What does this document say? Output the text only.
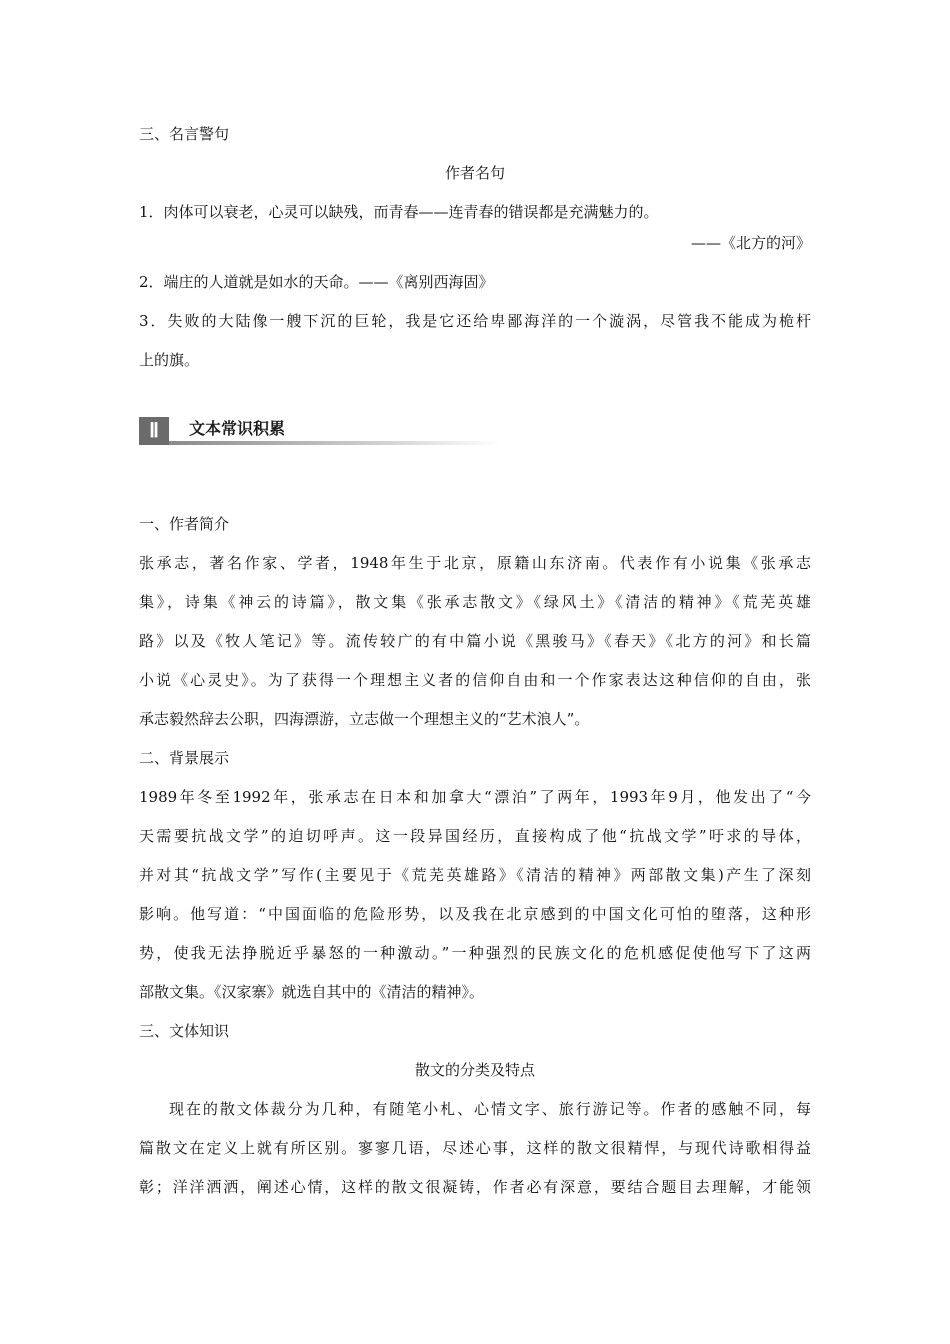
三、名言警句

作者名句

1．肉体可以衰老，心灵可以缺残，而青春——连青春的错误都是充满魅力的。

——《北方的河》

2．端庄的人道就是如水的天命。——《离别西海固》

3．失败的大陆像一艘下沉的巨轮，我是它还给卑鄙海洋的一个漩涡，尽管我不能成为桅杆

上的旗。

Ⅱ	文本常识积累

一、作者简介

张承志，著名作家、学者，1948年生于北京，原籍山东济南。代表作有小说集《张承志

集》，诗集《神云的诗篇》，散文集《张承志散文》《绿风土》《清洁的精神》《荒芜英雄

路》以及《牧人笔记》等。流传较广的有中篇小说《黑骏马》《春天》《北方的河》和长篇

小说《心灵史》。为了获得一个理想主义者的信仰自由和一个作家表达这种信仰的自由，张

承志毅然辞去公职，四海漂游，立志做一个理想主义的“艺术浪人”。

二、背景展示

1989年冬至1992年，张承志在日本和加拿大“漂泊”了两年，1993年9月，他发出了“今

天需要抗战文学”的迫切呼声。这一段异国经历，直接构成了他“抗战文学”吁求的导体，

并对其“抗战文学”写作(主要见于《荒芜英雄路》《清洁的精神》两部散文集)产生了深刻

影响。他写道：“中国面临的危险形势，以及我在北京感到的中国文化可怕的堕落，这种形

势，使我无法挣脱近乎暴怒的一种激动。”一种强烈的民族文化的危机感促使他写下了这两

部散文集。《汉家寨》就选自其中的《清洁的精神》。

三、文体知识

散文的分类及特点

现在的散文体裁分为几种，有随笔小札、心情文字、旅行游记等。作者的感触不同，每

篇散文在定义上就有所区别。寥寥几语，尽述心事，这样的散文很精悍，与现代诗歌相得益

彰；洋洋洒洒，阐述心情，这样的散文很凝铸，作者必有深意，要结合题目去理解，才能领
